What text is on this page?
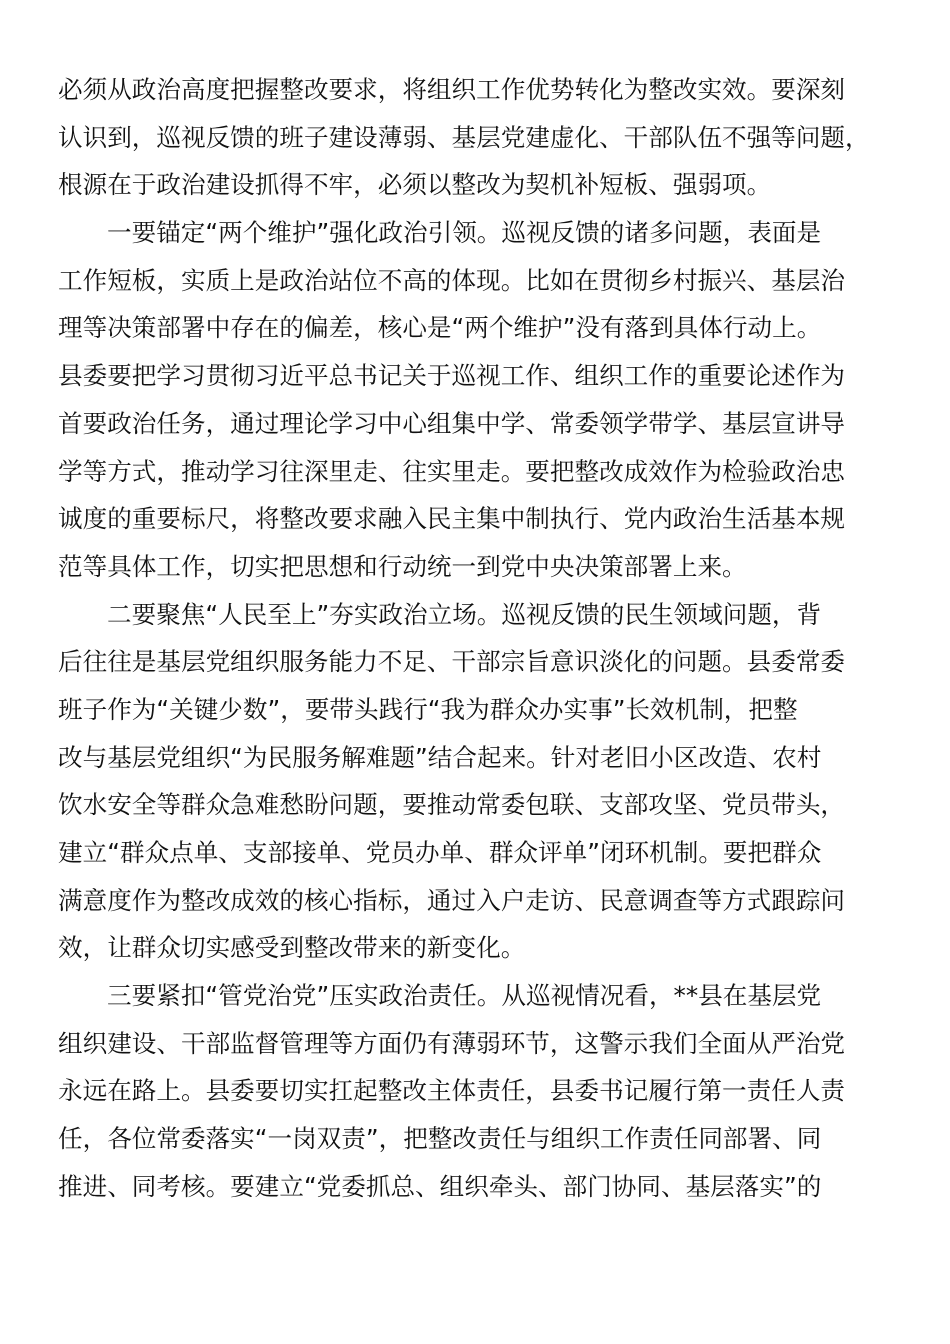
必须从政治高度把握整改要求，将组织工作优势转化为整改实效。要深刻
认识到，巡视反馈的班子建设薄弱、基层党建虚化、干部队伍不强等问题，
根源在于政治建设抓得不牢，必须以整改为契机补短板、强弱项。
一要锚定“两个维护”强化政治引领。巡视反馈的诸多问题，表面是
工作短板，实质上是政治站位不高的体现。比如在贯彻乡村振兴、基层治
理等决策部署中存在的偏差，核心是“两个维护”没有落到具体行动上。
县委要把学习贯彻习近平总书记关于巡视工作、组织工作的重要论述作为
首要政治任务，通过理论学习中心组集中学、常委领学带学、基层宣讲导
学等方式，推动学习往深里走、往实里走。要把整改成效作为检验政治忠
诚度的重要标尺，将整改要求融入民主集中制执行、党内政治生活基本规
范等具体工作，切实把思想和行动统一到党中央决策部署上来。
二要聚焦“人民至上”夯实政治立场。巡视反馈的民生领域问题，背
后往往是基层党组织服务能力不足、干部宗旨意识淡化的问题。县委常委
班子作为“关键少数”，要带头践行“我为群众办实事”长效机制，把整
改与基层党组织“为民服务解难题”结合起来。针对老旧小区改造、农村
饮水安全等群众急难愁盼问题，要推动常委包联、支部攻坚、党员带头，
建立“群众点单、支部接单、党员办单、群众评单”闭环机制。要把群众
满意度作为整改成效的核心指标，通过入户走访、民意调查等方式跟踪问
效，让群众切实感受到整改带来的新变化。
三要紧扣“管党治党”压实政治责任。从巡视情况看，**县在基层党
组织建设、干部监督管理等方面仍有薄弱环节，这警示我们全面从严治党
永远在路上。县委要切实扛起整改主体责任，县委书记履行第一责任人责
任，各位常委落实“一岗双责”，把整改责任与组织工作责任同部署、同
推进、同考核。要建立“党委抓总、组织牵头、部门协同、基层落实”的
